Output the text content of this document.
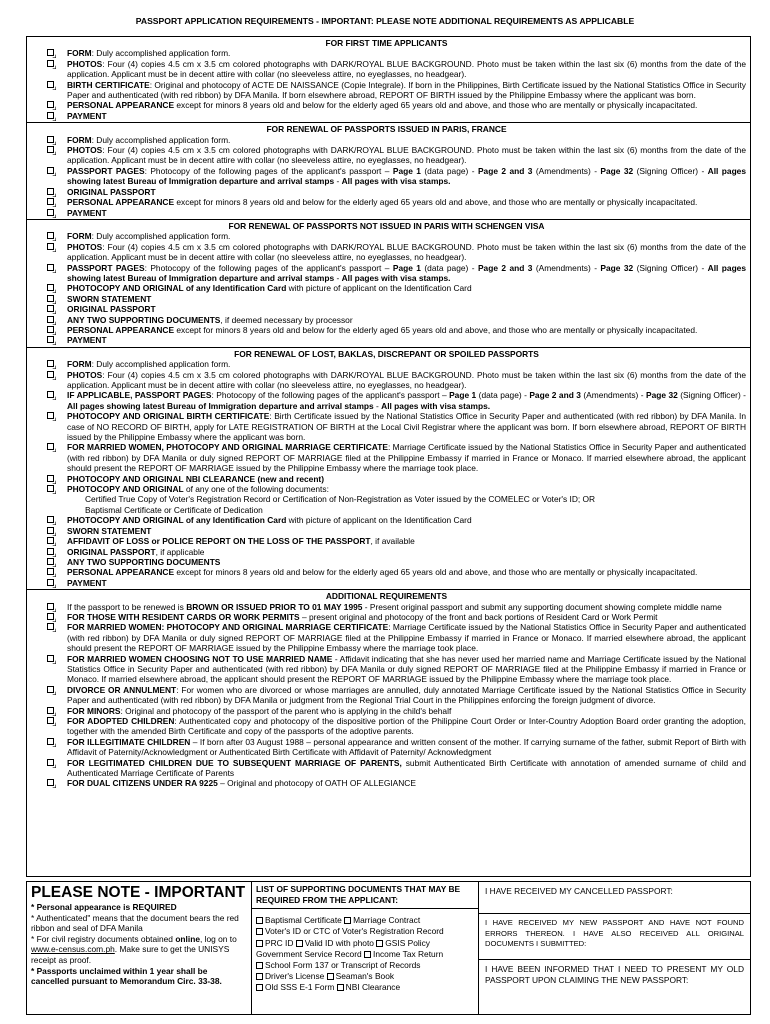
PASSPORT APPLICATION REQUIREMENTS - IMPORTANT: PLEASE NOTE ADDITIONAL REQUIREMENTS AS APPLICABLE
FOR FIRST TIME APPLICANTS
FORM: Duly accomplished application form.
PHOTOS: Four (4) copies 4.5 cm x 3.5 cm colored photographs with DARK/ROYAL BLUE BACKGROUND. Photo must be taken within the last six (6) months from the date of the application. Applicant must be in decent attire with collar (no sleeveless attire, no eyeglasses, no headgear).
BIRTH CERTIFICATE: Original and photocopy of ACTE DE NAISSANCE (Copie Integrale). If born in the Philippines, Birth Certificate issued by the National Statistics Office in Security Paper and authenticated (with red ribbon) by DFA Manila. If born elsewhere abroad, REPORT OF BIRTH issued by the Philippine Embassy where the applicant was born.
PERSONAL APPEARANCE except for minors 8 years old and below for the elderly aged 65 years old and above, and those who are mentally or physically incapacitated.
PAYMENT
FOR RENEWAL OF PASSPORTS ISSUED IN PARIS, FRANCE
FORM: Duly accomplished application form.
PHOTOS: Four (4) copies 4.5 cm x 3.5 cm colored photographs with DARK/ROYAL BLUE BACKGROUND. Photo must be taken within the last six (6) months from the date of the application. Applicant must be in decent attire with collar (no sleeveless attire, no eyeglasses, no headgear).
PASSPORT PAGES: Photocopy of the following pages of the applicant's passport – Page 1 (data page) - Page 2 and 3 (Amendments) - Page 32 (Signing Officer) - All pages showing latest Bureau of Immigration departure and arrival stamps - All pages with visa stamps.
ORIGINAL PASSPORT
PERSONAL APPEARANCE except for minors 8 years old and below for the elderly aged 65 years old and above, and those who are mentally or physically incapacitated.
PAYMENT
FOR RENEWAL OF PASSPORTS NOT ISSUED IN PARIS WITH SCHENGEN VISA
FORM: Duly accomplished application form.
PHOTOS: Four (4) copies 4.5 cm x 3.5 cm colored photographs with DARK/ROYAL BLUE BACKGROUND. Photo must be taken within the last six (6) months from the date of the application. Applicant must be in decent attire with collar (no sleeveless attire, no eyeglasses, no headgear).
PASSPORT PAGES: Photocopy of the following pages of the applicant's passport – Page 1 (data page) - Page 2 and 3 (Amendments) - Page 32 (Signing Officer) - All pages showing latest Bureau of Immigration departure and arrival stamps - All pages with visa stamps.
PHOTOCOPY AND ORIGINAL of any Identification Card with picture of applicant on the Identification Card
SWORN STATEMENT
ORIGINAL PASSPORT
ANY TWO SUPPORTING DOCUMENTS, if deemed necessary by processor
PERSONAL APPEARANCE except for minors 8 years old and below for the elderly aged 65 years old and above, and those who are mentally or physically incapacitated.
PAYMENT
FOR RENEWAL OF LOST, BAKLAS, DISCREPANT OR SPOILED PASSPORTS
FORM: Duly accomplished application form.
PHOTOS: Four (4) copies 4.5 cm x 3.5 cm colored photographs with DARK/ROYAL BLUE BACKGROUND. Photo must be taken within the last six (6) months from the date of the application. Applicant must be in decent attire with collar (no sleeveless attire, no eyeglasses, no headgear).
IF APPLICABLE, PASSPORT PAGES: Photocopy of the following pages of the applicant's passport – Page 1 (data page) - Page 2 and 3 (Amendments) - Page 32 (Signing Officer) - All pages showing latest Bureau of Immigration departure and arrival stamps - All pages with visa stamps.
PHOTOCOPY AND ORIGINAL BIRTH CERTIFICATE: Birth Certificate issued by the National Statistics Office in Security Paper and authenticated (with red ribbon) by DFA Manila. In case of NO RECORD OF BIRTH, apply for LATE REGISTRATION OF BIRTH at the Local Civil Registrar where the applicant was born. If born elsewhere abroad, REPORT OF BIRTH issued by the Philippine Embassy where the applicant was born.
FOR MARRIED WOMEN, PHOTOCOPY AND ORIGINAL MARRIAGE CERTIFICATE: Marriage Certificate issued by the National Statistics Office in Security Paper and authenticated (with red ribbon) by DFA Manila or duly signed REPORT OF MARRIAGE filed at the Philippine Embassy if married in France or Monaco. If married elsewhere abroad, the applicant should present the REPORT OF MARRIAGE issued by the Philippine Embassy where the marriage took place.
PHOTOCOPY AND ORIGINAL NBI CLEARANCE (new and recent)
PHOTOCOPY AND ORIGINAL of any one of the following documents:
Certified True Copy of Voter's Registration Record or Certification of Non-Registration as Voter issued by the COMELEC or Voter's ID; OR
Baptismal Certificate or Certificate of Dedication
PHOTOCOPY AND ORIGINAL of any Identification Card with picture of applicant on the Identification Card
SWORN STATEMENT
AFFIDAVIT OF LOSS or POLICE REPORT ON THE LOSS OF THE PASSPORT, if available
ORIGINAL PASSPORT, if applicable
ANY TWO SUPPORTING DOCUMENTS
PERSONAL APPEARANCE except for minors 8 years old and below for the elderly aged 65 years old and above, and those who are mentally or physically incapacitated.
PAYMENT
ADDITIONAL REQUIREMENTS
If the passport to be renewed is BROWN OR ISSUED PRIOR TO 01 MAY 1995 - Present original passport and submit any supporting document showing complete middle name
FOR THOSE WITH RESIDENT CARDS OR WORK PERMITS – present original and photocopy of the front and back portions of Resident Card or Work Permit
FOR MARRIED WOMEN: PHOTOCOPY AND ORIGINAL MARRIAGE CERTIFICATE: Marriage Certificate issued by the National Statistics Office in Security Paper and authenticated (with red ribbon) by DFA Manila or duly signed REPORT OF MARRIAGE filed at the Philippine Embassy if married in France or Monaco. If married elsewhere abroad, the applicant should present the REPORT OF MARRIAGE issued by the Philippine Embassy where the marriage took place.
FOR MARRIED WOMEN CHOOSING NOT TO USE MARRIED NAME - Affidavit indicating that she has never used her married name and Marriage Certificate issued by the National Statistics Office in Security Paper and authenticated (with red ribbon) by DFA Manila or duly signed REPORT OF MARRIAGE filed at the Philippine Embassy if married in France or Monaco. If married elsewhere abroad, the applicant should present the REPORT OF MARRIAGE issued by the Philippine Embassy where the marriage took place.
DIVORCE OR ANNULMENT: For women who are divorced or whose marriages are annulled, duly annotated Marriage Certificate issued by the National Statistics Office in Security Paper and authenticated (with red ribbon) by DFA Manila or judgment from the Regional Trial Court in the Philippines enforcing the foreign judgment of divorce.
FOR MINORS: Original and photocopy of the passport of the parent who is applying in the child's behalf
FOR ADOPTED CHILDREN: Authenticated copy and photocopy of the dispositive portion of the Philippine Court Order or Inter-Country Adoption Board order granting the adoption, together with the amended Birth Certificate and copy of the passports of the adoptive parents.
FOR ILLEGITIMATE CHILDREN – If born after 03 August 1988 – personal appearance and written consent of the mother. If carrying surname of the father, submit Report of Birth with Affidavit of Paternity/Acknowledgment or Authenticated Birth Certificate with Affidavit of Paternity/ Acknowledgment
FOR LEGITIMATED CHILDREN DUE TO SUBSEQUENT MARRIAGE OF PARENTS, submit Authenticated Birth Certificate with annotation of amended surname of child and Authenticated Marriage Certificate of Parents
FOR DUAL CITIZENS UNDER RA 9225 – Original and photocopy of OATH OF ALLEGIANCE
PLEASE NOTE - IMPORTANT
* Personal appearance is REQUIRED
* Authenticated" means that the document bears the red ribbon and seal of DFA Manila
* For civil registry documents obtained online, log on to www.e-census.com.ph. Make sure to get the UNISYS receipt as proof.
* Passports unclaimed within 1 year shall be cancelled pursuant to Memorandum Circ. 33-38.
LIST OF SUPPORTING DOCUMENTS THAT MAY BE REQUIRED FROM THE APPLICANT:
Baptismal Certificate Marriage Contract
Voter's ID or CTC of Voter's Registration Record
PRC ID Valid ID with photo GSIS Policy
Government Service Record Income Tax Return
School Form 137 or Transcript of Records
Driver's License Seaman's Book
Old SSS E-1 Form NBI Clearance
I HAVE RECEIVED MY CANCELLED PASSPORT:
I HAVE RECEIVED MY NEW PASSPORT AND HAVE NOT FOUND ERRORS THEREON. I HAVE ALSO RECEIVED ALL ORIGINAL DOCUMENTS I SUBMITTED:
I HAVE BEEN INFORMED THAT I NEED TO PRESENT MY OLD PASSPORT UPON CLAIMING THE NEW PASSPORT:
